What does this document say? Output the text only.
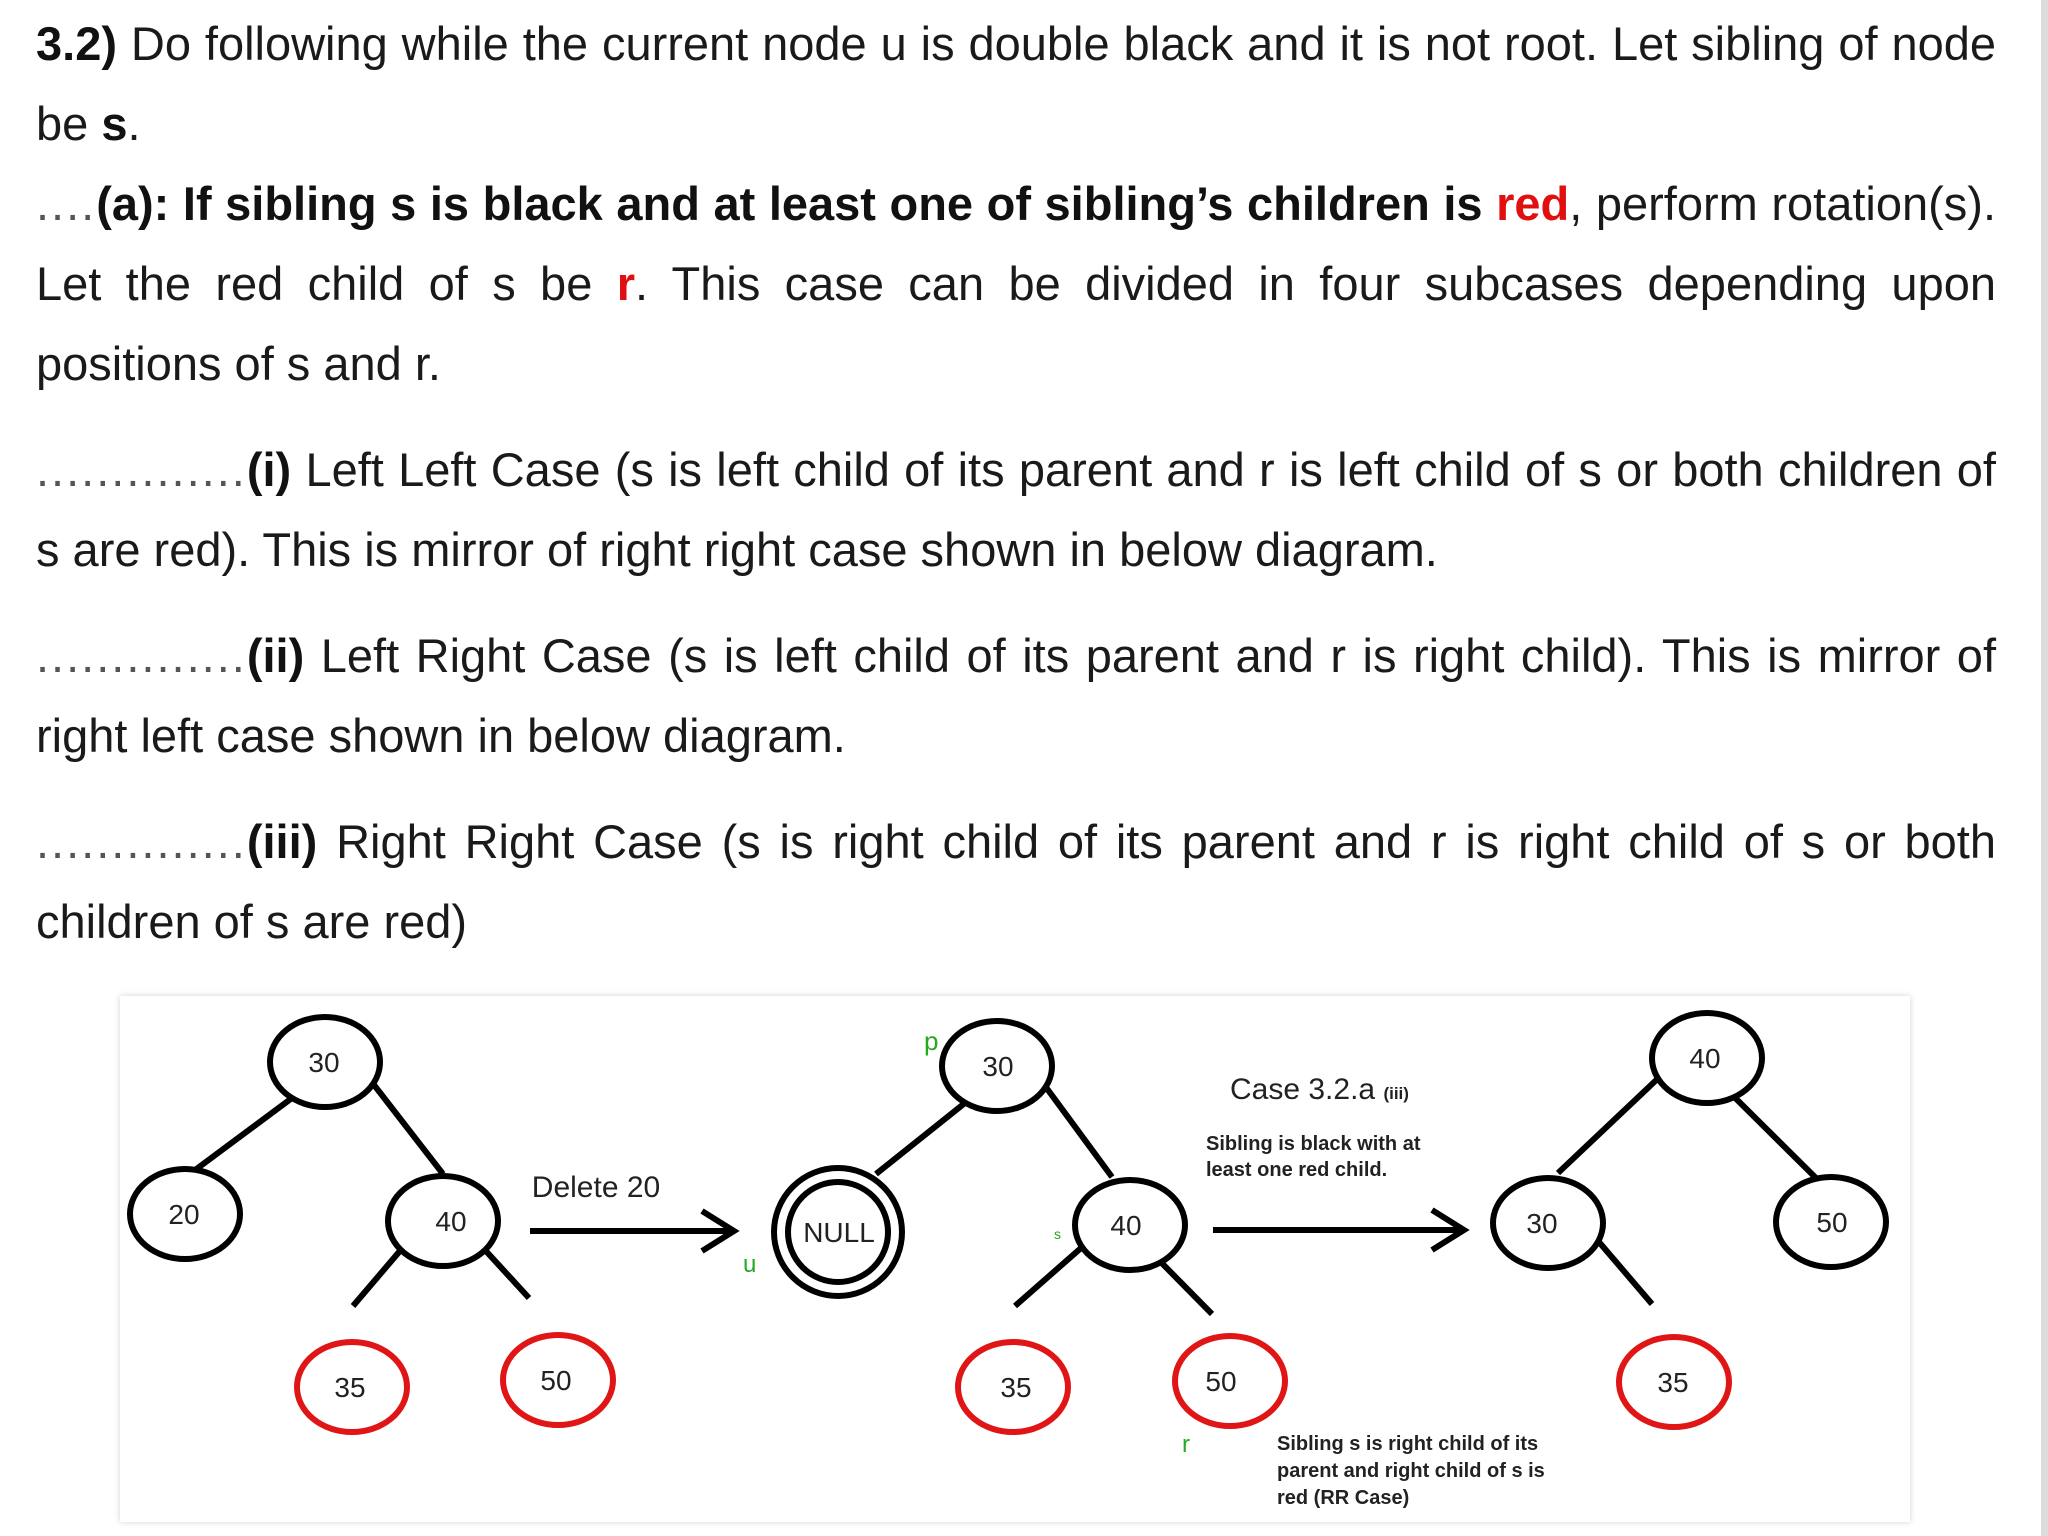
3.2) Do following while the current node u is double black and it is not root. Let sibling of node be s.

....(a): If sibling s is black and at least one of sibling’s children is red, perform rotation(s). Let the red child of s be r. This case can be divided in four subcases depending upon positions of s and r.

..............(i) Left Left Case (s is left child of its parent and r is left child of s or both children of s are red). This is mirror of right right case shown in below diagram.

..............(ii) Left Right Case (s is left child of its parent and r is right child). This is mirror of right left case shown in below diagram.

..............(iii) Right Right Case (s is right child of its parent and r is right child of s or both children of s are red)

30
20	40
35	50
Delete 20
30
NULL	40
35	50
p
u
s
r
Case 3.2.a (iii)
Sibling is black with at
least one red child.
40
30	50
35
Sibling s is right child of its
parent and right child of s is
red (RR Case)
